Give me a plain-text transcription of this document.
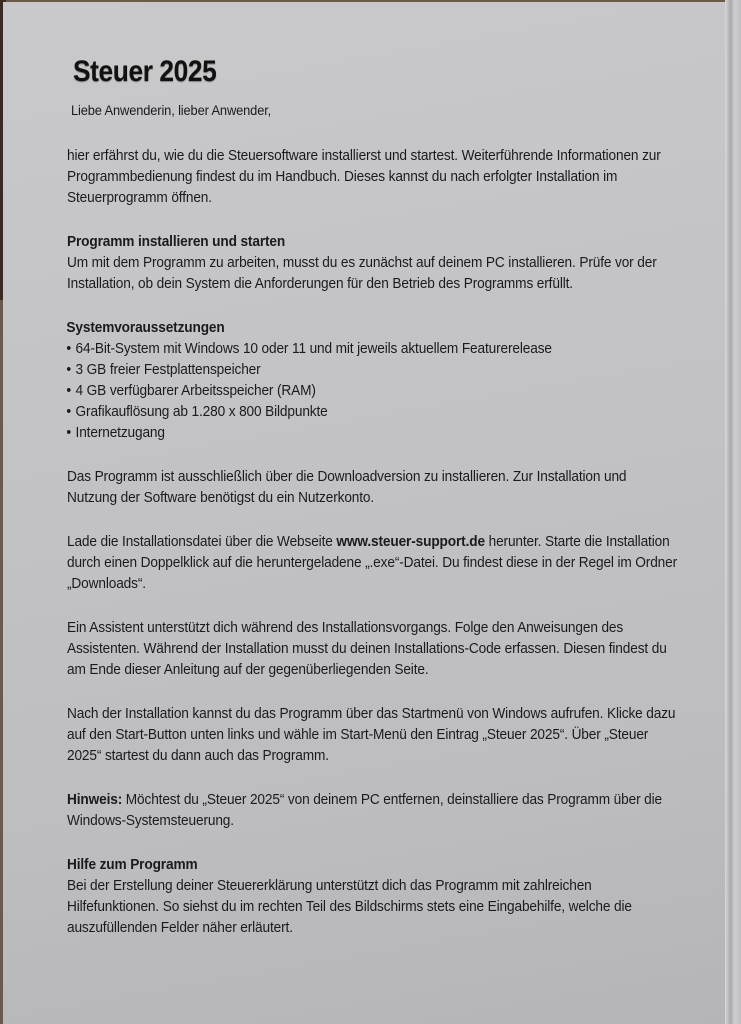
Steuer 2025
Liebe Anwenderin, lieber Anwender,
hier erfährst du, wie du die Steuersoftware installierst und startest. Weiterführende Informationen zur Programmbedienung findest du im Handbuch. Dieses kannst du nach erfolgter Installation im Steuerprogramm öffnen.
Programm installieren und starten
Um mit dem Programm zu arbeiten, musst du es zunächst auf deinem PC installieren. Prüfe vor der Installation, ob dein System die Anforderungen für den Betrieb des Programms erfüllt.
Systemvoraussetzungen
• 64-Bit-System mit Windows 10 oder 11 und mit jeweils aktuellem Featurerelease
• 3 GB freier Festplattenspeicher
• 4 GB verfügbarer Arbeitsspeicher (RAM)
• Grafikauflösung ab 1.280 x 800 Bildpunkte
• Internetzugang
Das Programm ist ausschließlich über die Downloadversion zu installieren. Zur Installation und Nutzung der Software benötigst du ein Nutzerkonto.
Lade die Installationsdatei über die Webseite www.steuer-support.de herunter. Starte die Installation durch einen Doppelklick auf die heruntergeladene „.exe“-Datei. Du findest diese in der Regel im Ordner „Downloads“.
Ein Assistent unterstützt dich während des Installationsvorgangs. Folge den Anweisungen des Assistenten. Während der Installation musst du deinen Installations-Code erfassen. Diesen findest du am Ende dieser Anleitung auf der gegenüberliegenden Seite.
Nach der Installation kannst du das Programm über das Startmenü von Windows aufrufen. Klicke dazu auf den Start-Button unten links und wähle im Start-Menü den Eintrag „Steuer 2025“. Über „Steuer 2025“ startest du dann auch das Programm.
Hinweis: Möchtest du „Steuer 2025“ von deinem PC entfernen, deinstalliere das Programm über die Windows-Systemsteuerung.
Hilfe zum Programm
Bei der Erstellung deiner Steuererklärung unterstützt dich das Programm mit zahlreichen Hilfefunktionen. So siehst du im rechten Teil des Bildschirms stets eine Eingabehilfe, welche die auszufüllenden Felder näher erläutert.
